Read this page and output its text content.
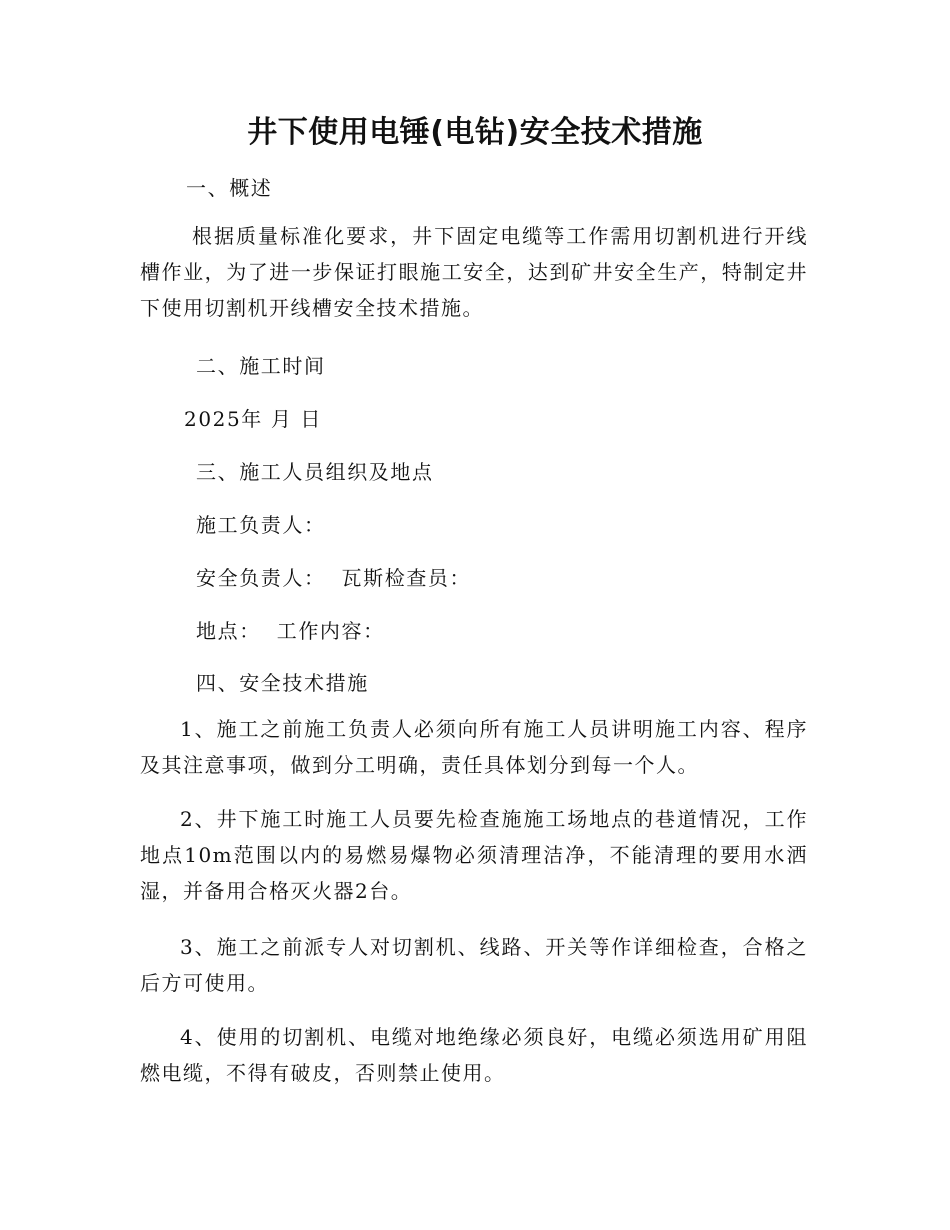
井下使用电锤(电钻)安全技术措施

一、概述

根据质量标准化要求，井下固定电缆等工作需用切割机进行开线槽作业，为了进一步保证打眼施工安全，达到矿井安全生产，特制定井下使用切割机开线槽安全技术措施。

二、施工时间

2025年 月 日

三、施工人员组织及地点

施工负责人：

安全负责人：  瓦斯检查员：

地点：  工作内容：

四、安全技术措施

1、施工之前施工负责人必须向所有施工人员讲明施工内容、程序及其注意事项，做到分工明确，责任具体划分到每一个人。

2、井下施工时施工人员要先检查施施工场地点的巷道情况，工作地点10m范围以内的易燃易爆物必须清理洁净，不能清理的要用水洒湿，并备用合格灭火器2台。

3、施工之前派专人对切割机、线路、开关等作详细检查，合格之后方可使用。

4、使用的切割机、电缆对地绝缘必须良好，电缆必须选用矿用阻燃电缆，不得有破皮，否则禁止使用。
